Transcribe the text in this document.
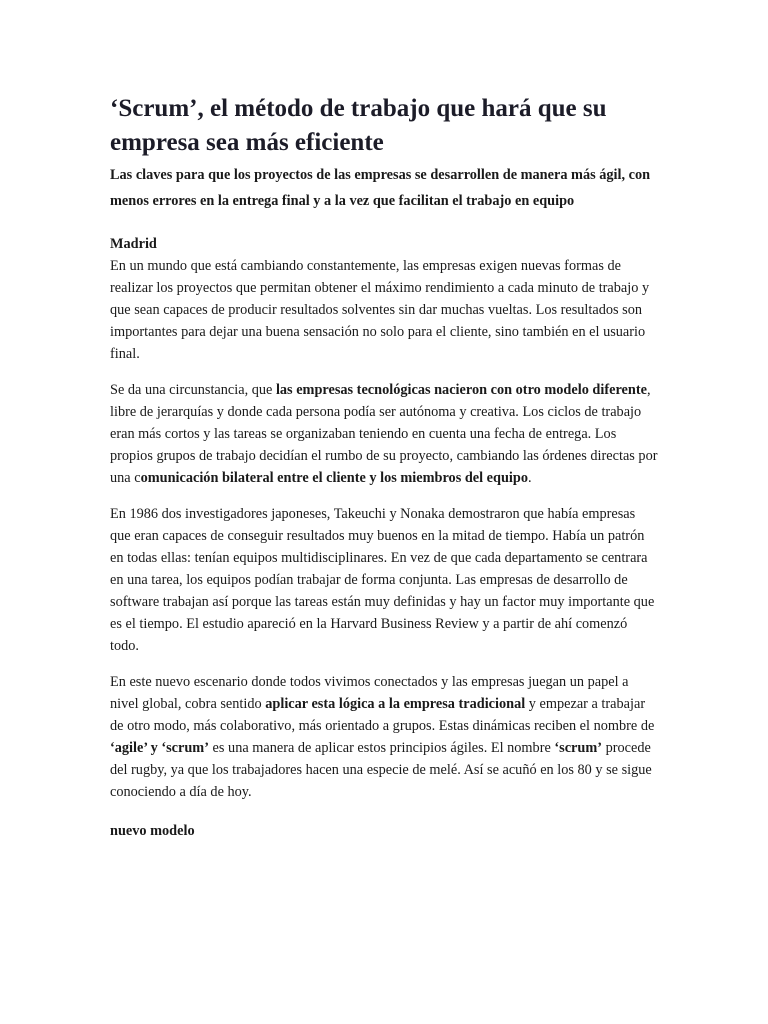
‘Scrum’, el método de trabajo que hará que su empresa sea más eficiente
Las claves para que los proyectos de las empresas se desarrollen de manera más ágil, con menos errores en la entrega final y a la vez que facilitan el trabajo en equipo
Madrid

En un mundo que está cambiando constantemente, las empresas exigen nuevas formas de realizar los proyectos que permitan obtener el máximo rendimiento a cada minuto de trabajo y que sean capaces de producir resultados solventes sin dar muchas vueltas. Los resultados son importantes para dejar una buena sensación no solo para el cliente, sino también en el usuario final.

Se da una circunstancia, que las empresas tecnológicas nacieron con otro modelo diferente, libre de jerarquías y donde cada persona podía ser autónoma y creativa. Los ciclos de trabajo eran más cortos y las tareas se organizaban teniendo en cuenta una fecha de entrega. Los propios grupos de trabajo decidían el rumbo de su proyecto, cambiando las órdenes directas por una comunicación bilateral entre el cliente y los miembros del equipo.

En 1986 dos investigadores japoneses, Takeuchi y Nonaka demostraron que había empresas que eran capaces de conseguir resultados muy buenos en la mitad de tiempo. Había un patrón en todas ellas: tenían equipos multidisciplinares. En vez de que cada departamento se centrara en una tarea, los equipos podían trabajar de forma conjunta. Las empresas de desarrollo de software trabajan así porque las tareas están muy definidas y hay un factor muy importante que es el tiempo. El estudio apareció en la Harvard Business Review y a partir de ahí comenzó todo.

En este nuevo escenario donde todos vivimos conectados y las empresas juegan un papel a nivel global, cobra sentido aplicar esta lógica a la empresa tradicional y empezar a trabajar de otro modo, más colaborativo, más orientado a grupos. Estas dinámicas reciben el nombre de ‘agile’ y ‘scrum’ es una manera de aplicar estos principios ágiles. El nombre ‘scrum’ procede del rugby, ya que los trabajadores hacen una especie de melé. Así se acuñó en los 80 y se sigue conociendo a día de hoy.

nuevo modelo
